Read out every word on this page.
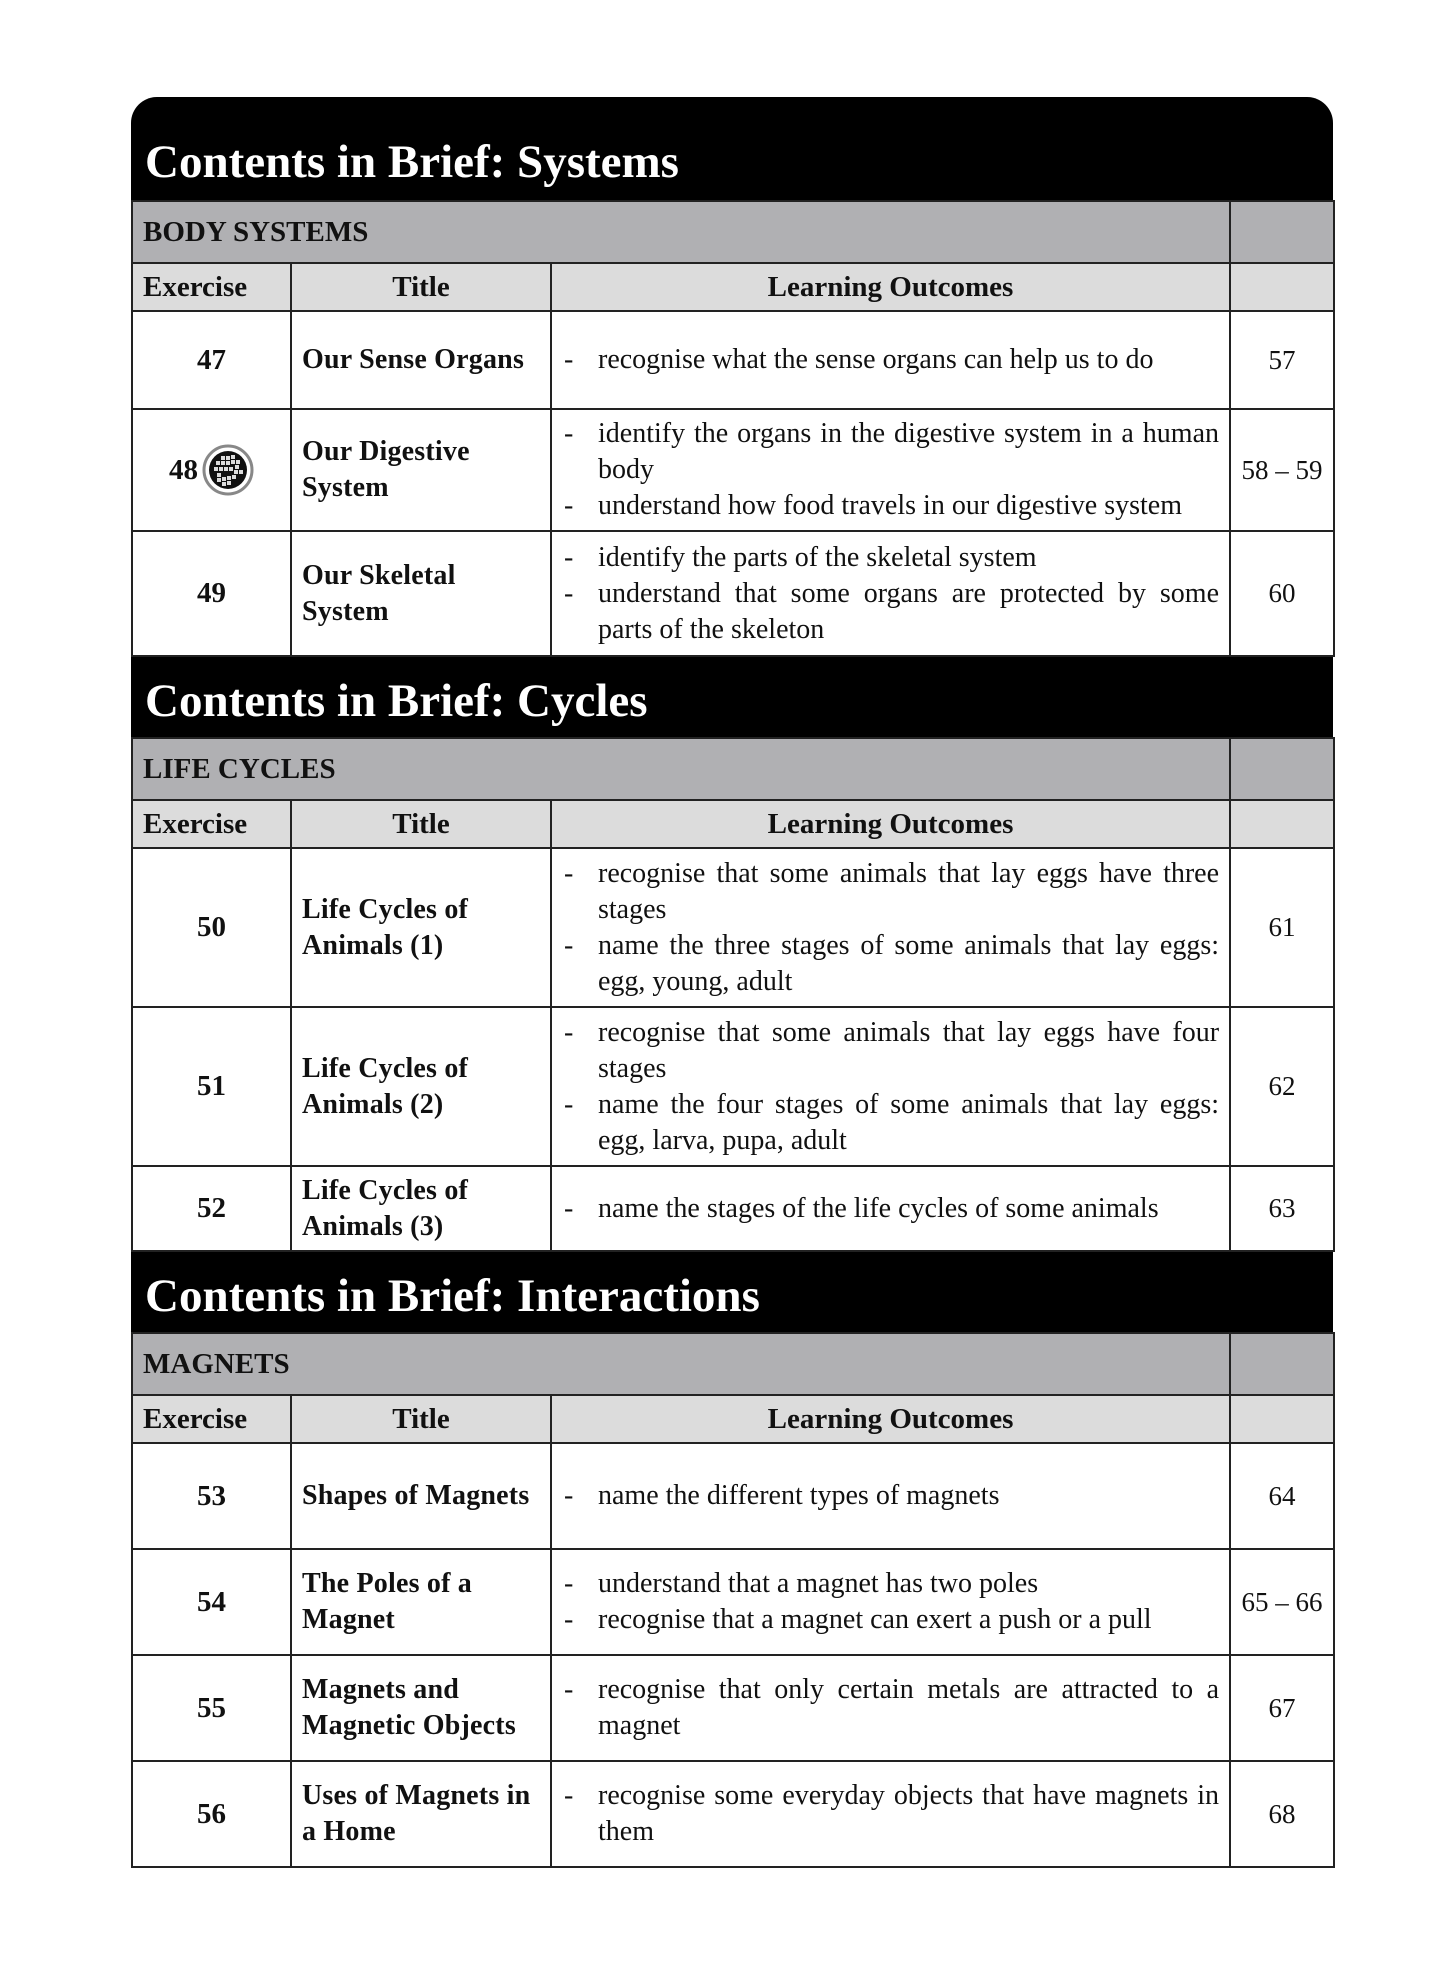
Contents in Brief: Systems
BODY SYSTEMS			
Exercise	Title	Learning Outcomes	
47	Our Sense Organs	- recognise what the sense organs can help us to do	57

48	Our Digestive System	- identify the organs in the digestive system in a human body
- understand how food travels in our digestive system	58 – 59
49	Our Skeletal System	- identify the parts of the skeletal system
- understand that some organs are protected by some parts of the skeleton	60
Contents in Brief: Cycles
LIFE CYCLES			
Exercise	Title	Learning Outcomes	
50	Life Cycles of Animals (1)	- recognise that some animals that lay eggs have three stages
- name the three stages of some animals that lay eggs: egg, young, adult	61
51	Life Cycles of Animals (2)	- recognise that some animals that lay eggs have four stages
- name the four stages of some animals that lay eggs: egg, larva, pupa, adult	62
52	Life Cycles of Animals (3)	- name the stages of the life cycles of some animals	63
Contents in Brief: Interactions
MAGNETS			
Exercise	Title	Learning Outcomes	
53	Shapes of Magnets	- name the different types of magnets	64
54	The Poles of a Magnet	- understand that a magnet has two poles
- recognise that a magnet can exert a push or a pull	65 – 66
55	Magnets and Magnetic Objects	- recognise that only certain metals are attracted to a magnet	67
56	Uses of Magnets in a Home	- recognise some everyday objects that have magnets in them	68
